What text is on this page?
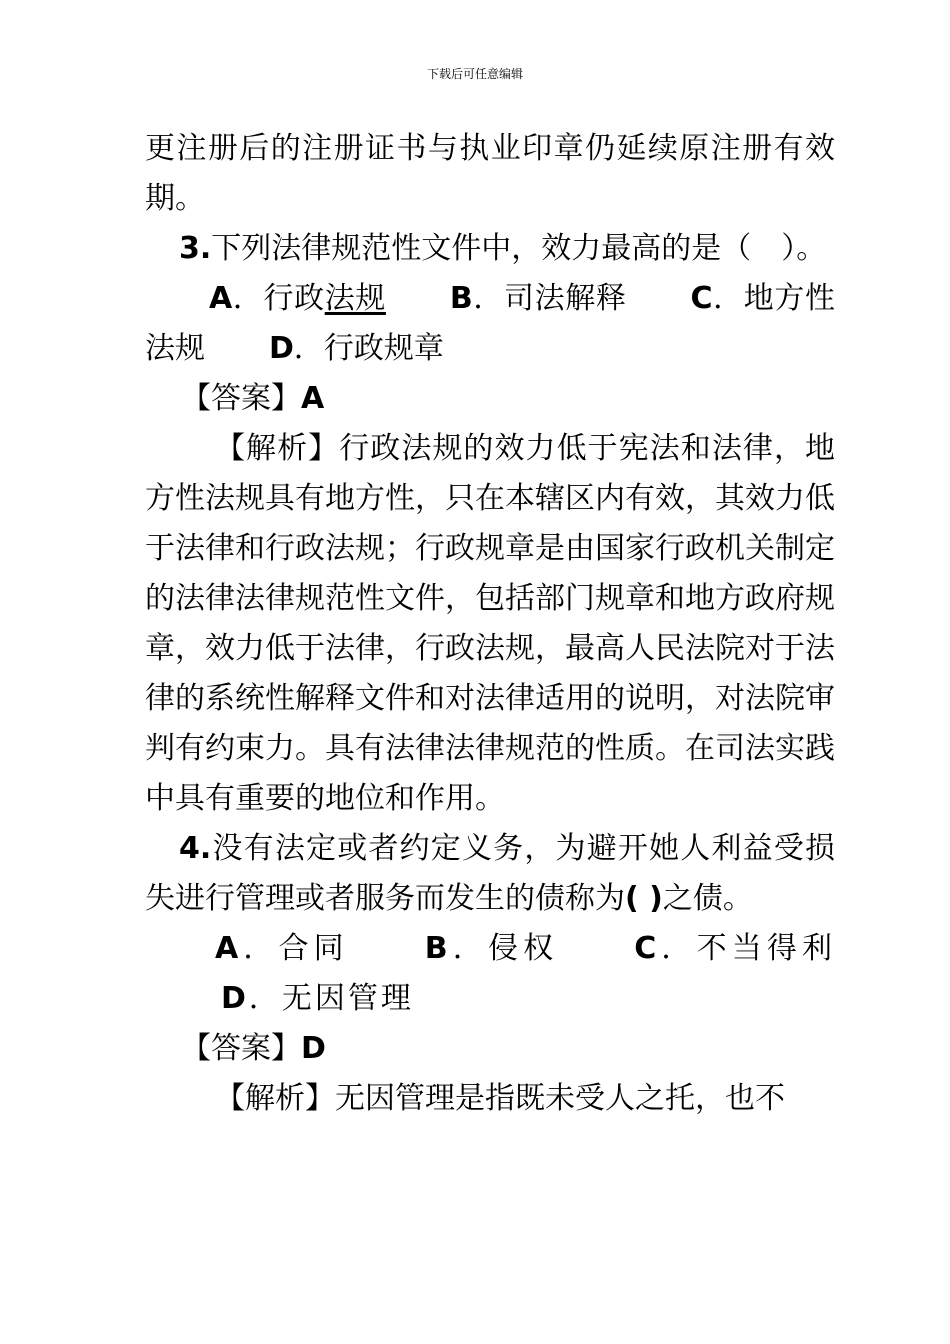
下载后可任意编辑

更注册后的注册证书与执业印章仍延续原注册有效期。

3.下列法律规范性文件中，效力最高的是（　）。

A．行政法规 B．司法解释 C．地方性法规 D．行政规章

【答案】A

【解析】行政法规的效力低于宪法和法律，地方性法规具有地方性，只在本辖区内有效，其效力低于法律和行政法规；行政规章是由国家行政机关制定的法律法律规范性文件，包括部门规章和地方政府规章，效力低于法律，行政法规，最高人民法院对于法律的系统性解释文件和对法律适用的说明，对法院审判有约束力。具有法律法律规范的性质。在司法实践中具有重要的地位和作用。

4.没有法定或者约定义务，为避开她人利益受损失进行管理或者服务而发生的债称为( )之债。

A．合同	B．侵权	C．不当得利D．无因管理

【答案】D

【解析】无因管理是指既未受人之托，也不
